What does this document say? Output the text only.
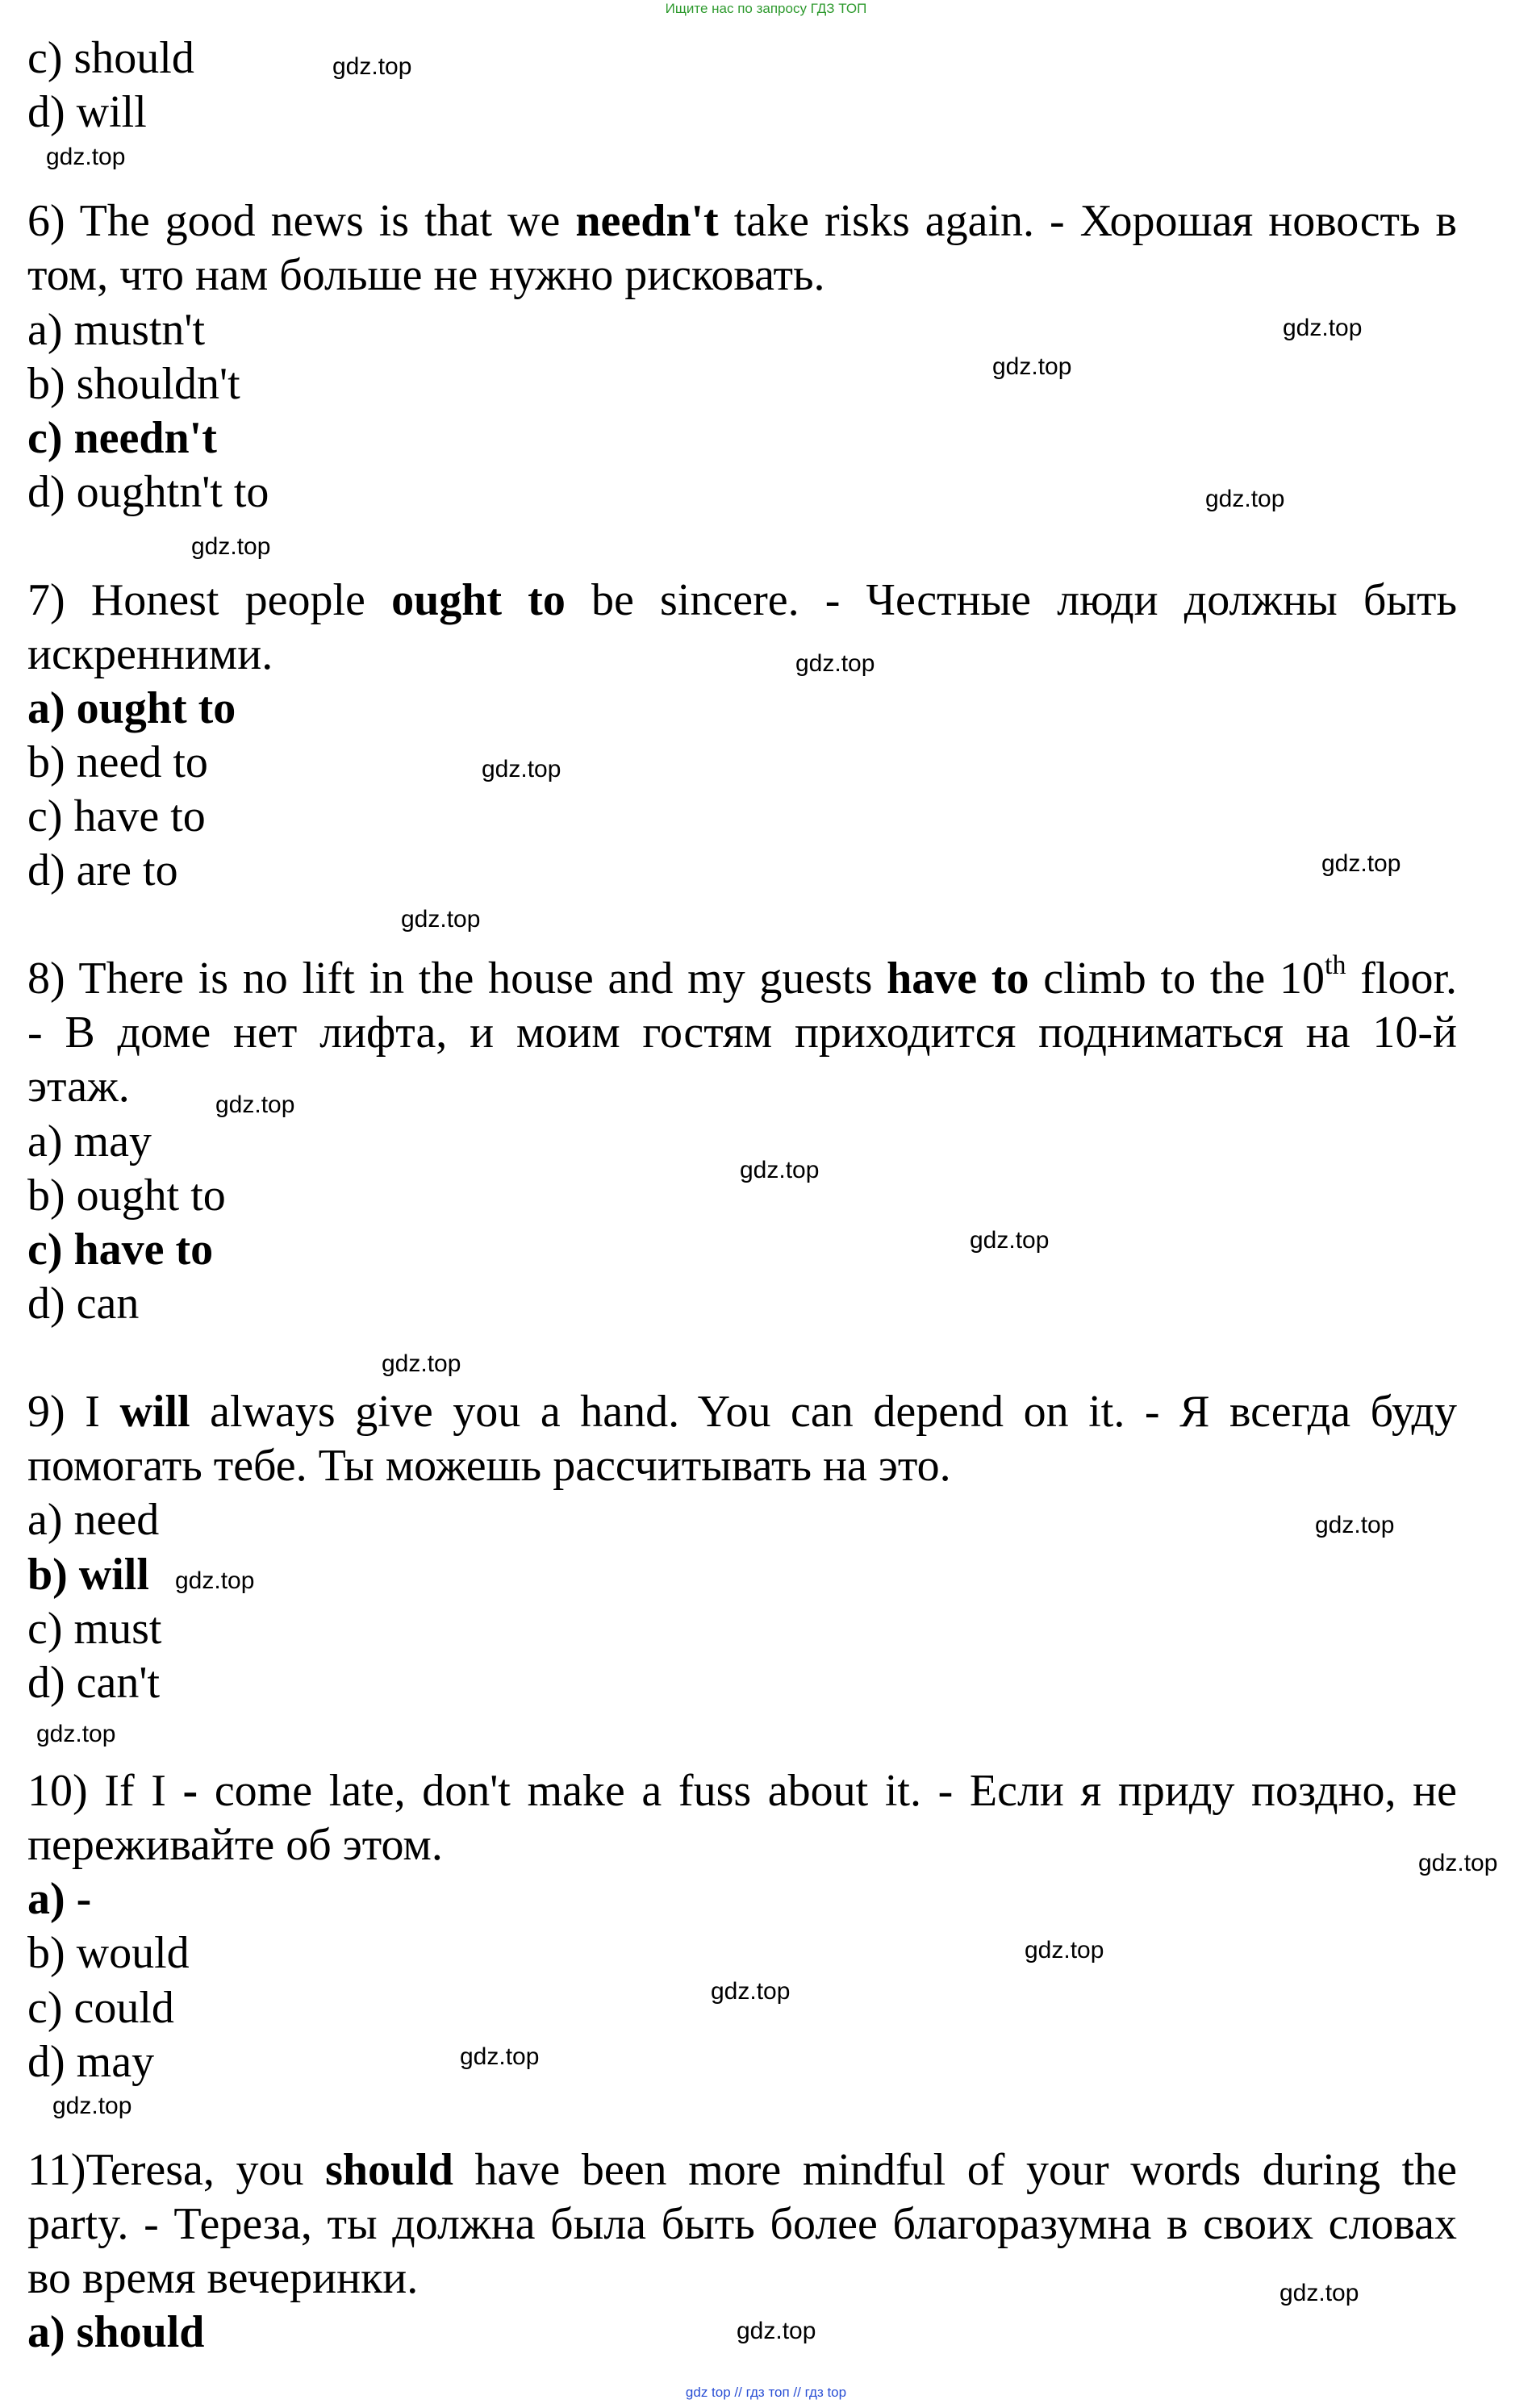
Ищите нас по запросу ГДЗ ТОП
c) should
d) will
6) The good news is that we needn't take risks again. - Хорошая новость в
том, что нам больше не нужно рисковать.
a) mustn't
b) shouldn't
c) needn't
d) oughtn't to
7) Honest people ought to be sincere. - Честные люди должны быть
искренними.
a) ought to
b) need to
c) have to
d) are to
8) There is no lift in the house and my guests have to climb to the 10th floor.
- В доме нет лифта, и моим гостям приходится подниматься на 10-й
этаж.
a) may
b) ought to
c) have to
d) can
9) I will always give you a hand. You can depend on it. - Я всегда буду
помогать тебе. Ты можешь рассчитывать на это.
a) need
b) will
c) must
d) can't
10) If I - come late, don't make a fuss about it. - Если я приду поздно, не
переживайте об этом.
a) -
b) would
c) could
d) may
11)Teresa, you should have been more mindful of your words during the
party. - Тереза, ты должна была быть более благоразумна в своих словах
во время вечеринки.
a) should
gdz.top
gdz.top
gdz.top
gdz.top
gdz.top
gdz.top
gdz.top
gdz.top
gdz.top
gdz.top
gdz.top
gdz.top
gdz.top
gdz.top
gdz.top
gdz.top
gdz.top
gdz.top
gdz.top
gdz.top
gdz.top
gdz.top
gdz.top
gdz.top
gdz top // гдз топ // гдз top
